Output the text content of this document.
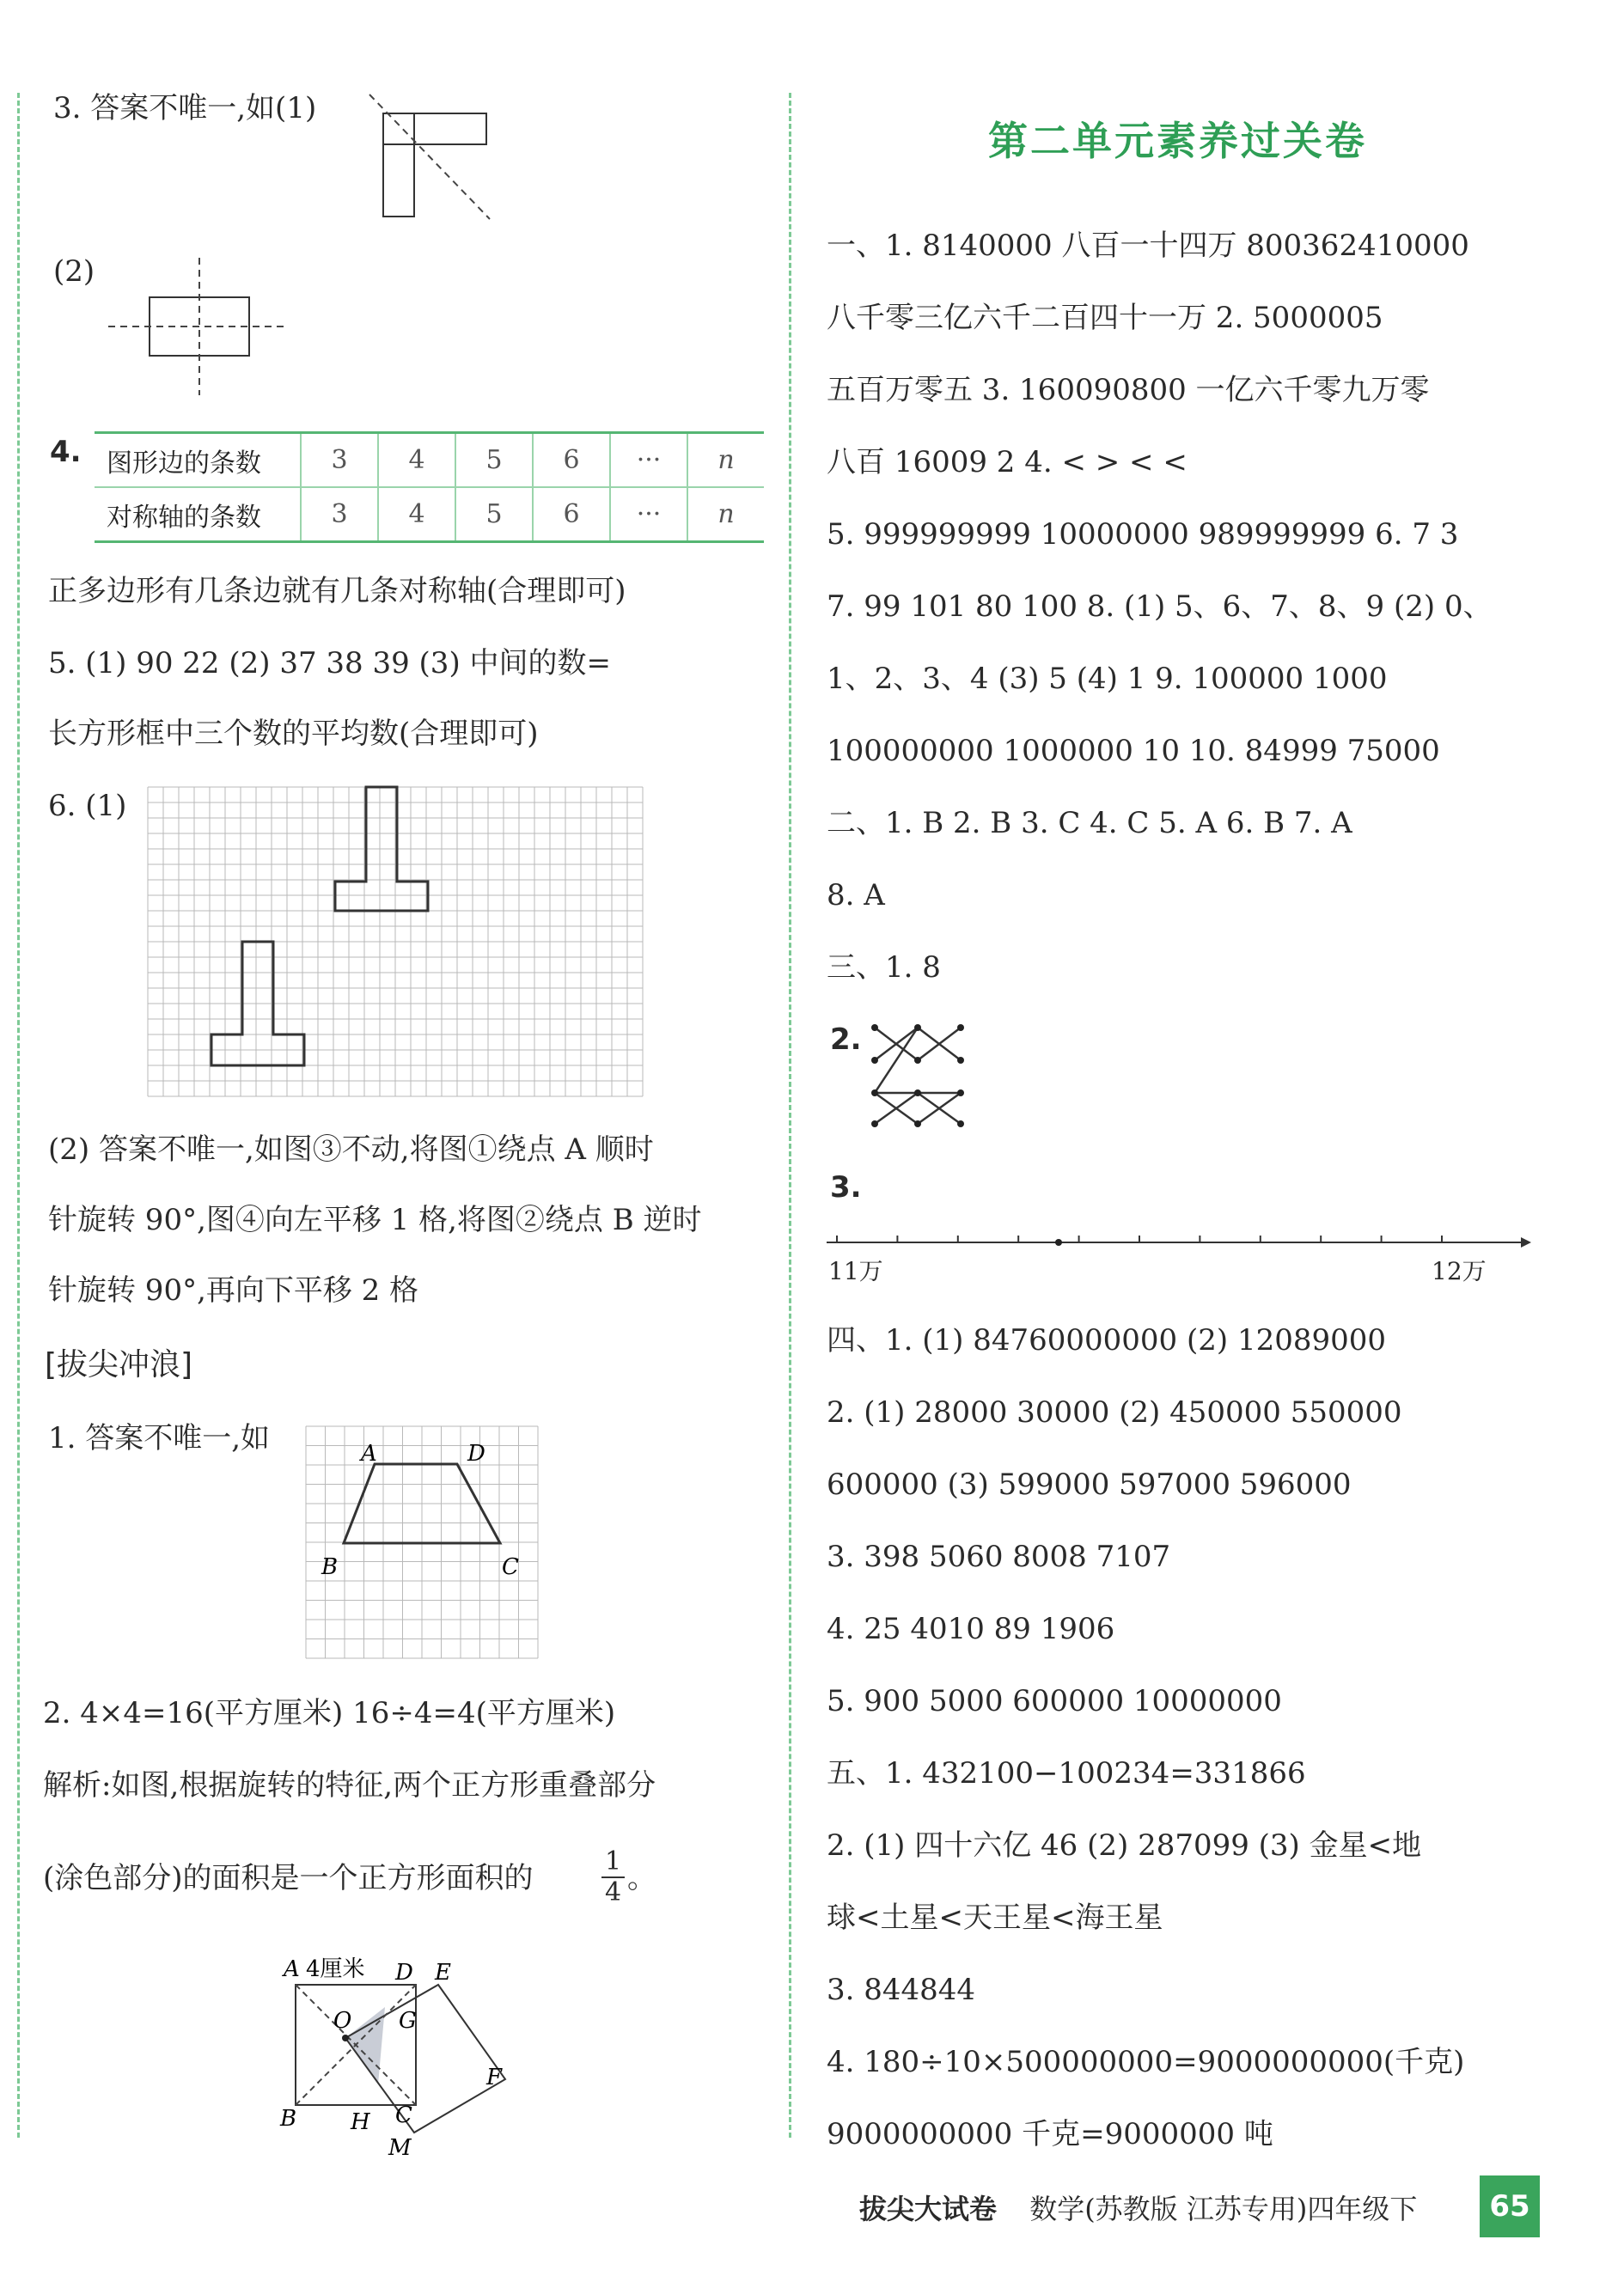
3. 答案不唯一,如(1)
(2)
4. 图形边的条数	3	4	5	6	···	n
对称轴的条数	3	4	5	6	···	n
正多边形有几条边就有几条对称轴(合理即可)
5. (1) 90 22 (2) 37 38 39 (3) 中间的数=
长方形框中三个数的平均数(合理即可)
6. (1)
(2) 答案不唯一,如图③不动,将图①绕点 A 顺时
针旋转 90°,图④向左平移 1 格,将图②绕点 B 逆时
针旋转 90°,再向下平移 2 格
[拔尖冲浪]
1. 答案不唯一,如	A	D
B	C
2. 4×4=16(平方厘米) 16÷4=4(平方厘米)
解析:如图,根据旋转的特征,两个正方形重叠部分
(涂色部分)的面积是一个正方形面积的	$\frac{1}{4}$ 。
A 4厘米 D E
O G
F
B H C
M
第二单元素养过关卷
一、1. 8140000 八百一十四万 800362410000
八千零三亿六千二百四十一万 2. 5000005
五百万零五 3. 160090800 一亿六千零九万零
八百 16009 2 4. < > < <
5. 999999999 10000000 989999999 6. 7 3
7. 99 101 80 100 8. (1) 5、6、7、8、9 (2) 0、
1、2、3、4 (3) 5 (4) 1 9. 100000 1000
100000000 1000000 10 10. 84999 75000
二、1. B 2. B 3. C 4. C 5. A 6. B 7. A
8. A
三、1. 8
2.
3.
11万	12万
四、1. (1) 84760000000 (2) 12089000
2. (1) 28000 30000 (2) 450000 550000
600000 (3) 599000 597000 596000
3. 398 5060 8008 7107
4. 25 4010 89 1906
5. 900 5000 600000 10000000
五、1. 432100−100234=331866
2. (1) 四十六亿 46 (2) 287099 (3) 金星<地
球<土星<天王星<海王星
3. 844844
4. 180÷10×500000000=9000000000(千克)
9000000000 千克=9000000 吨
拔尖大试卷 数学(苏教版 江苏专用)四年级下	65
